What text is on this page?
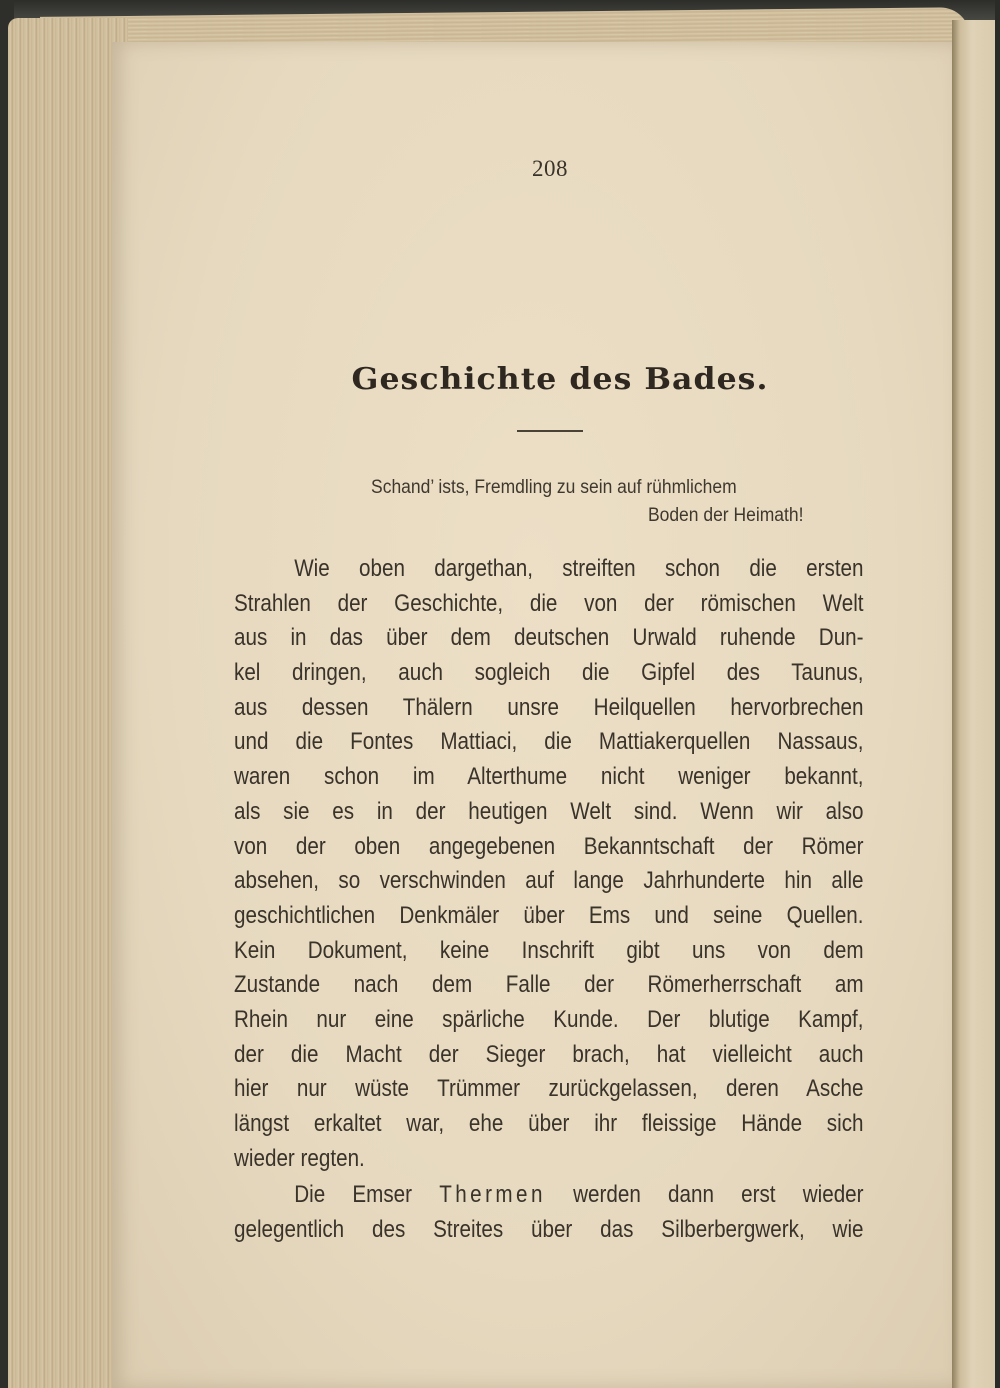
208
Geschichte des Bades.
Schand’ ists, Fremdling zu sein auf rühmlichem
Boden der Heimath!
Wie oben dargethan, streiften schon die ersten
Strahlen der Geschichte, die von der römischen Welt
aus in das über dem deutschen Urwald ruhende Dun-
kel dringen, auch sogleich die Gipfel des Taunus,
aus dessen Thälern unsre Heilquellen hervorbrechen
und die Fontes Mattiaci, die Mattiakerquellen Nassaus,
waren schon im Alterthume nicht weniger bekannt,
als sie es in der heutigen Welt sind. Wenn wir also
von der oben angegebenen Bekanntschaft der Römer
absehen, so verschwinden auf lange Jahrhunderte hin alle
geschichtlichen Denkmäler über Ems und seine Quellen.
Kein Dokument, keine Inschrift gibt uns von dem
Zustande nach dem Falle der Römerherrschaft am
Rhein nur eine spärliche Kunde. Der blutige Kampf,
der die Macht der Sieger brach, hat vielleicht auch
hier nur wüste Trümmer zurückgelassen, deren Asche
längst erkaltet war, ehe über ihr fleissige Hände sich
wieder regten.
Die Emser Thermen werden dann erst wieder
gelegentlich des Streites über das Silberbergwerk, wie
